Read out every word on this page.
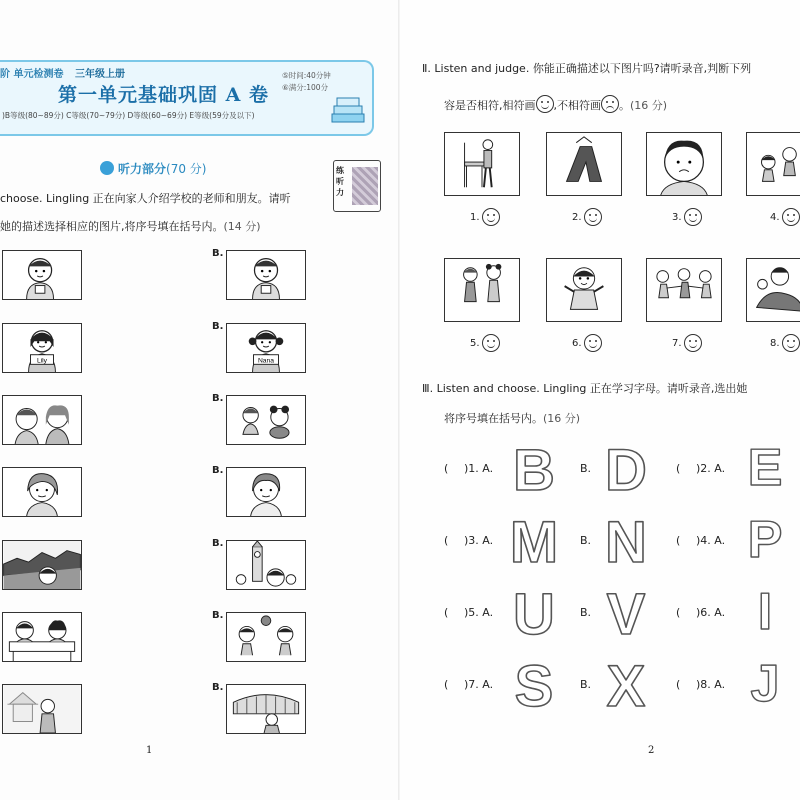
阶 单元检测卷 三年级上册
第一单元基础巩固 A 卷
⑤时间:40分钟
⑥满分:100分
)B等级(80~89分) C等级(70~79分) D等级(60~69分) E等级(59分及以下)
听力部分(70 分)	练听力
choose. Lingling 正在向家人介绍学校的老师和朋友。请听
她的描述选择相应的图片,将序号填在括号内。(14 分)
Lily
B.
B.
Nana
B.
B.
B.
B.
B.
1
Ⅱ. Listen and judge. 你能正确描述以下图片吗?请听录音,判断下列
容是否相符,相符画 ,不相符画 。(16 分)
1.	2.	3.	4.
5.	6.	7.	8.
Ⅲ. Listen and choose. Lingling 正在学习字母。请听录音,选出她
将序号填在括号内。(16 分)
( )1. A. B B. D	( )2. A. E
( )3. A. M B. N	( )4. A. P
( )5. A. U B. V	( )6. A. I
( )7. A. S B. X	( )8. A. J
2
